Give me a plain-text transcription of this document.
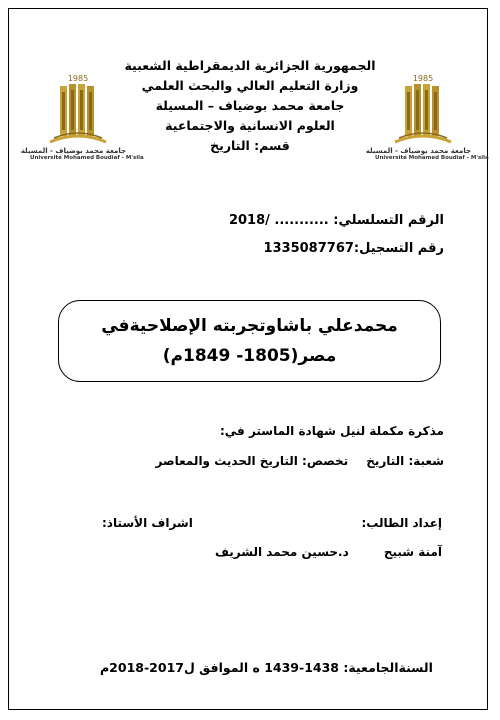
1985
جامعة محمد بوضياف - المسيلة
Université Mohamed Boudiaf - M'sila
1985
جامعة محمد بوضياف - المسيلة
Université Mohamed Boudiaf - M'sila
الجمهورية الجزائرية الديمقراطية الشعبية
وزارة التعليم العالي والبحث العلمي
جامعة محمد بوضياف – المسيلة
العلوم الانسانية والاجتماعية
قسم: التاريخ
الرقم التسلسلي: ........... /2018
رقم التسجيل:1335087767
محمدعلي باشاوتجربته الإصلاحيةفي
مصر(1805- 1849م)
مذكرة مكملة لنيل شهادة الماستر في:
شعبة: التاريختخصص: التاريخ الحديث والمعاصر
إعداد الطالب:
اشراف الأستاذ:
آمنة شبيح
د.حسين محمد الشريف
السنةالجامعية: 1438-1439 ه الموافق ل2017-2018م
